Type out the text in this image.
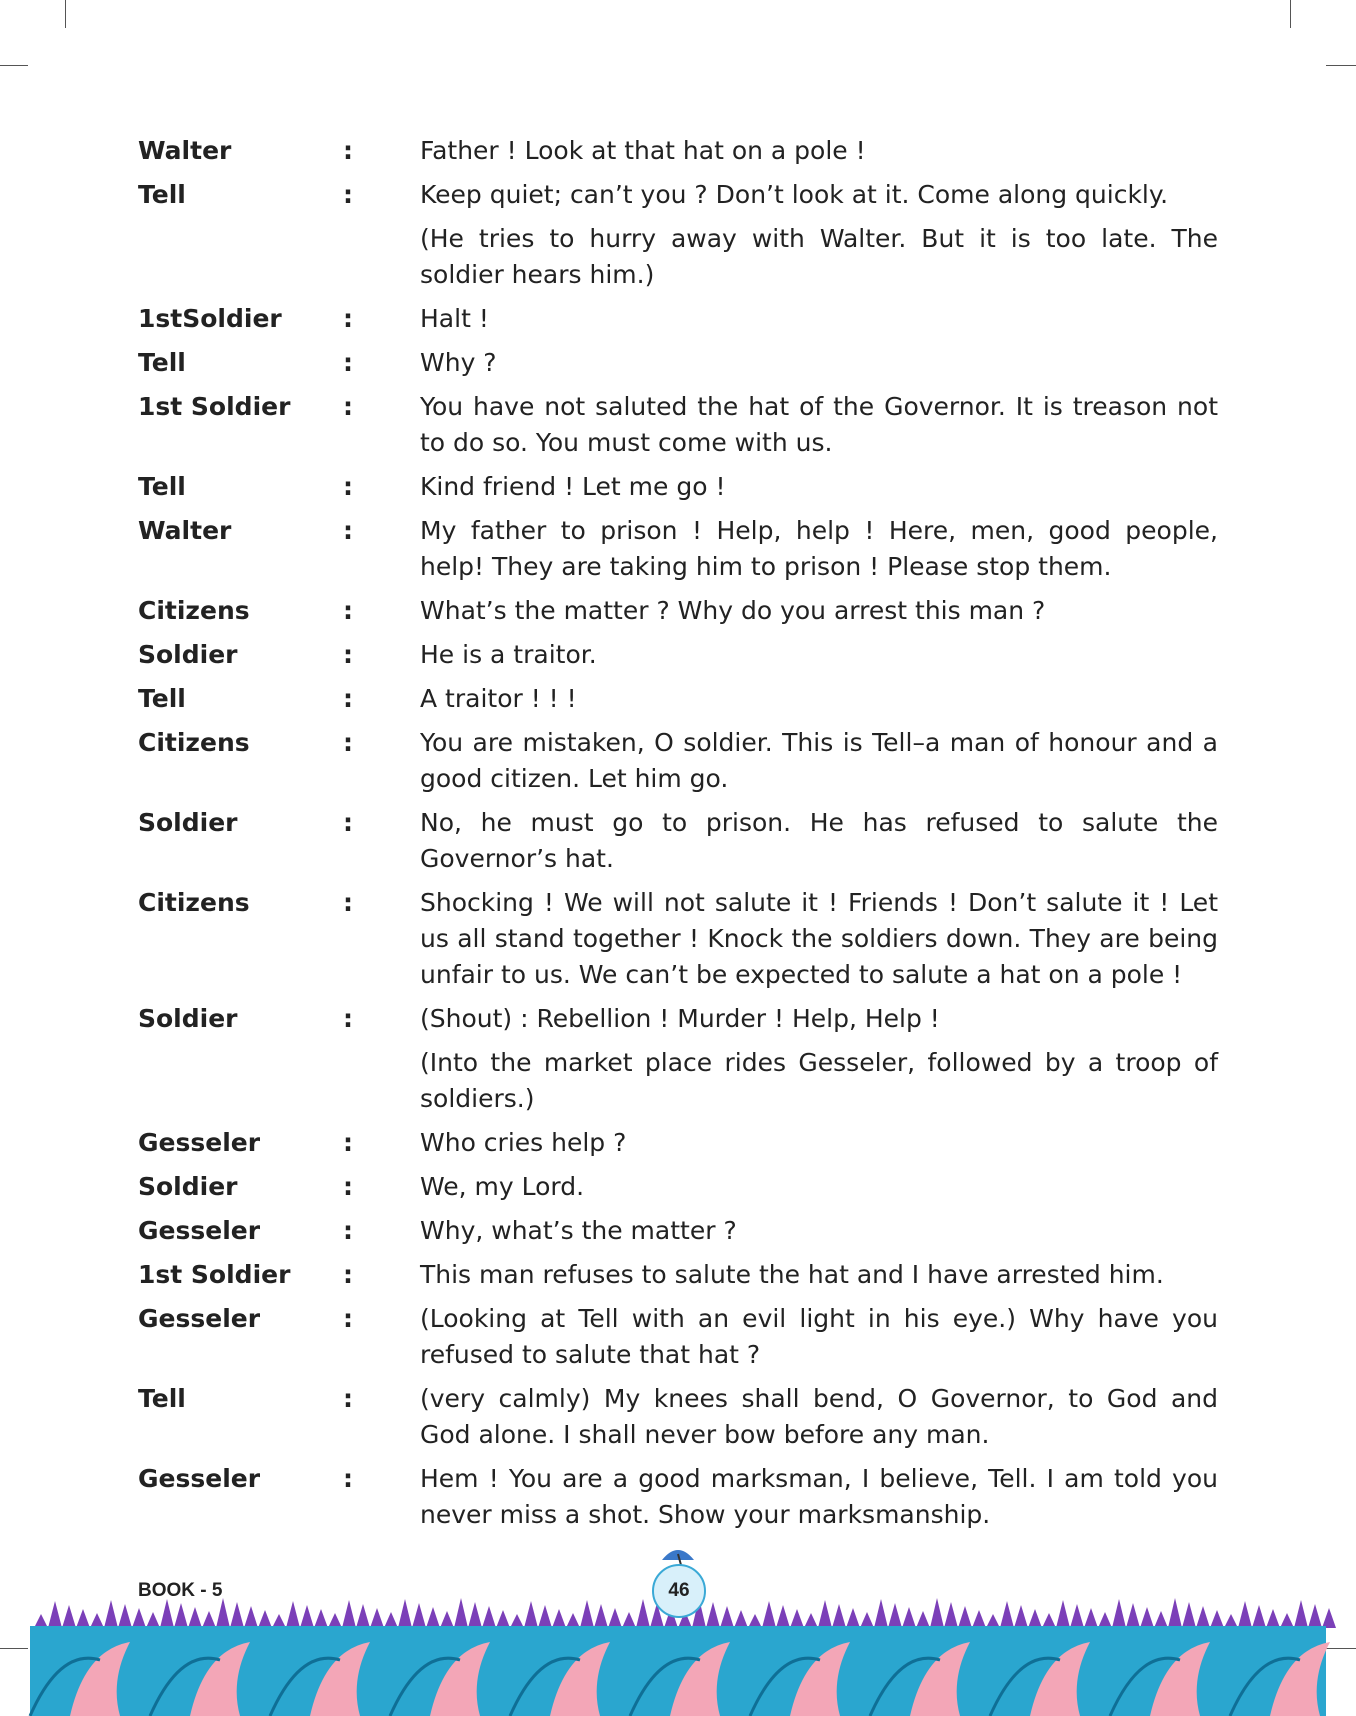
Walter	:	Father ! Look at that hat on a pole !
Tell	:	Keep quiet; can’t you ? Don’t look at it. Come along quickly.
(He tries to hurry away with Walter. But it is too late. The soldier hears him.)
1stSoldier	:	Halt !
Tell	:	Why ?
1st Soldier	:	You have not saluted the hat of the Governor. It is treason not to do so. You must come with us.
Tell	:	Kind friend ! Let me go !
Walter	:	My father to prison ! Help, help ! Here, men, good people, help! They are taking him to prison ! Please stop them.
Citizens	:	What’s the matter ? Why do you arrest this man ?
Soldier	:	He is a traitor.
Tell	:	A traitor ! ! !
Citizens	:	You are mistaken, O soldier. This is Tell–a man of honour and a good citizen. Let him go.
Soldier	:	No, he must go to prison. He has refused to salute the Governor’s hat.
Citizens	:	Shocking ! We will not salute it ! Friends ! Don’t salute it ! Let us all stand together ! Knock the soldiers down. They are being unfair to us. We can’t be expected to salute a hat on a pole !
Soldier	:	(Shout) : Rebellion ! Murder ! Help, Help !
(Into the market place rides Gesseler, followed by a troop of soldiers.)
Gesseler	:	Who cries help ?
Soldier	:	We, my Lord.
Gesseler	:	Why, what’s the matter ?
1st Soldier	:	This man refuses to salute the hat and I have arrested him.
Gesseler	:	(Looking at Tell with an evil light in his eye.) Why have you refused to salute that hat ?
Tell	:	(very calmly) My knees shall bend, O Governor, to God and God alone. I shall never bow before any man.
Gesseler	:	Hem ! You are a good marksman, I believe, Tell. I am told you never miss a shot. Show your marksmanship.
BOOK - 5	46
